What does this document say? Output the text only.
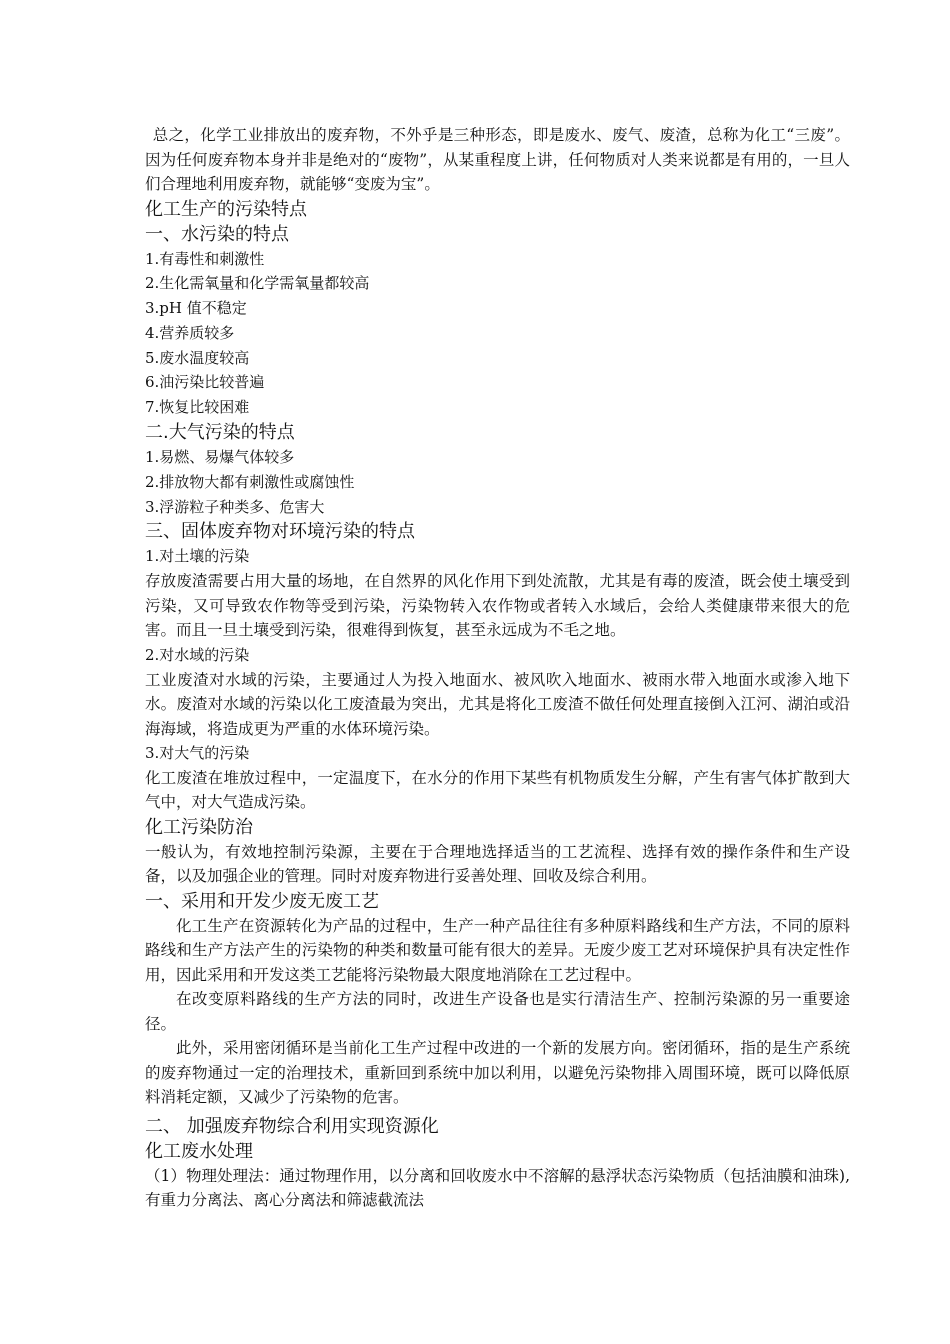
总之，化学工业排放出的废弃物，不外乎是三种形态，即是废水、废气、废渣，总称为化工“三废”。因为任何废弃物本身并非是绝对的“废物”，从某重程度上讲，任何物质对人类来说都是有用的，一旦人们合理地利用废弃物，就能够“变废为宝”。

化工生产的污染特点
一、水污染的特点

1.有毒性和刺激性

2.生化需氧量和化学需氧量都较高

3.pH 值不稳定

4.营养质较多

5.废水温度较高

6.油污染比较普遍

7.恢复比较困难

二.大气污染的特点

1.易燃、易爆气体较多

2.排放物大都有刺激性或腐蚀性

3.浮游粒子种类多、危害大

三、固体废弃物对环境污染的特点

1.对土壤的污染

存放废渣需要占用大量的场地，在自然界的风化作用下到处流散，尤其是有毒的废渣，既会使土壤受到污染，又可导致农作物等受到污染，污染物转入农作物或者转入水域后，会给人类健康带来很大的危害。而且一旦土壤受到污染，很难得到恢复，甚至永远成为不毛之地。

2.对水域的污染

工业废渣对水域的污染，主要通过人为投入地面水、被风吹入地面水、被雨水带入地面水或渗入地下水。废渣对水域的污染以化工废渣最为突出，尤其是将化工废渣不做任何处理直接倒入江河、湖泊或沿海海域，将造成更为严重的水体环境污染。

3.对大气的污染

化工废渣在堆放过程中，一定温度下，在水分的作用下某些有机物质发生分解，产生有害气体扩散到大气中，对大气造成污染。

化工污染防治

一般认为，有效地控制污染源，主要在于合理地选择适当的工艺流程、选择有效的操作条件和生产设备，以及加强企业的管理。同时对废弃物进行妥善处理、回收及综合利用。

一、采用和开发少废无废工艺

化工生产在资源转化为产品的过程中，生产一种产品往往有多种原料路线和生产方法，不同的原料路线和生产方法产生的污染物的种类和数量可能有很大的差异。无废少废工艺对环境保护具有决定性作用，因此采用和开发这类工艺能将污染物最大限度地消除在工艺过程中。

在改变原料路线的生产方法的同时，改进生产设备也是实行清洁生产、控制污染源的另一重要途径。

此外，采用密闭循环是当前化工生产过程中改进的一个新的发展方向。密闭循环，指的是生产系统的废弃物通过一定的治理技术，重新回到系统中加以利用，以避免污染物排入周围环境，既可以降低原料消耗定额，又减少了污染物的危害。

二、 加强废弃物综合利用实现资源化
化工废水处理

（1）物理处理法：通过物理作用，以分离和回收废水中不溶解的悬浮状态污染物质（包括油膜和油珠),有重力分离法、离心分离法和筛滤截流法
